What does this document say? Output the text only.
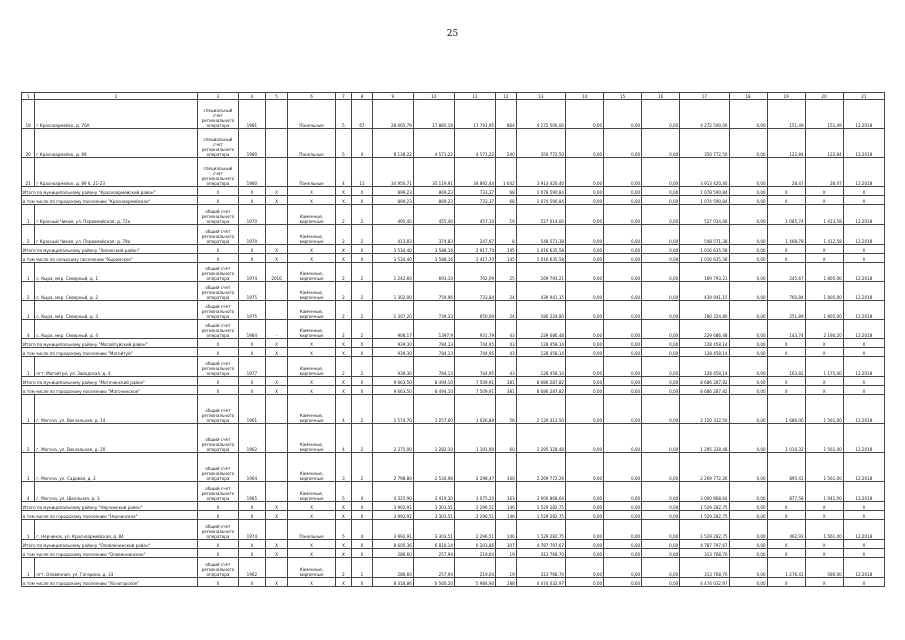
25
1	2	3	4	5	6	7	8	9	10	11	12	13	14	15	16	17	18	19	20	21
19	г Красноармейск, д. 70А	специальный счет регионального оператора	1981		Панельные	5	67	28 065,79	17 885,19	17 791,95	864	4 272 500,00	0,00	0,00	0,00	4 272 500,00	0,00	151,49	151,49	12.2018
20	г Красноармейск, д. 89	специальный счет регионального оператора	1980		Панельные	5	4	8 138,22	4 571,22	4 571,22	240	350 772,50	0,00	0,00	0,00	350 772,50	0,00	122,84	122,84	12.2018
21	г Красноармейск, д. 89 б, 21-23	специальный счет регионального оператора	1980		Панельные	4	11	34 950,71	35 119,91	34 892,44	1 642	3 913 420,40	0,00	0,00	0,00	3 913 420,40	0,00	28,47	28,47	12.2018
Итого по муниципальному району "Красноармейский район"		X	X	X	X	X	X	899,23	869,23	733,37	68	1 078 590,84	0,00	0,00	0,00	1 078 590,84	0,00	X	X	X
в том числе по городскому поселению "Красноармейское"		X	X	X	X	X	X	899,23	869,23	733,37	68	1 074 590,84	0,00	0,00	0,00	1 074 590,84	0,00	X	X	X
1	г Красный Чикой, ул. Первомайская, д. 72а	общий счет регионального оператора	1970		Каменные, кирпичные	2	2	495,40	455,40	457,10	19	527 014,00	0,00	0,00	0,00	527 014,00	0,00	1 085,74	1 413,58	12.2018
2	г Красный Чикой, ул. Первомайская, д. 79а	общий счет регионального оператора	1970		Каменные, кирпичные	2	2	413,83	374,83	247,97	8	548 571,38	0,00	0,00	0,00	548 571,38	0,00	1 468,78	1 412,58	12.2018
Итого по муниципальному району "Хилокский район"		X	X	X	X	X	X	3 534,40	3 588,16	2 917,70	145	1 016 635,58	0,00	0,00	0,00	1 016 635,58	0,00	X	X	X
в том числе по сельскому поселению "Кыринское"		X	X	X	X	X	X	3 534,40	3 588,16	2 417,70	145	1 016 635,58	0,00	0,00	0,00	1 016 635,58	0,00	X	X	X
1	с. Кыра, мкр. Северный, д. 1	общий счет регионального оператора	1974	2016	Каменные, кирпичные	2	2	1 242,60	691,10	702,09	25	169 793,21	0,00	0,00	0,00	169 793,21	0,00	245,67	1 805,00	12.2018
2	с. Кыра, мкр. Северный, д. 2	общий счет регионального оператора	1975		Каменные, кирпичные	2	2	1 302,00	759,96	733,84	24	439 941,15	0,00	0,00	0,00	439 941,15	0,00	760,84	1 805,00	12.2018
3	с. Кыра, мкр. Северный, д. 3	общий счет регионального оператора	1975		Каменные, кирпичные	2	2	1 307,20	739,33	650,09	24	180 224,80	0,00	0,00	0,00	180 224,80	0,00	251,89	1 805,00	12.2018
4	с. Кыра, мкр. Северный, д. 4	общий счет регионального оператора	1984	-	Каменные, кирпичные	2	2	908,17	1397,9	931,79	43	229 686,48	0,00	0,00	0,00	229 686,48	0,00	143,74	2 190,20	12.2018
Итого по муниципальному району "Могойтуйский район"		X	X	X	X	X	X	939,30	784,13	744,95	43	128 458,14	0,00	0,00	0,00	128 458,14	0,00	X	X	X
в том числе по городскому поселению "Могойтуй"		X	X	X	X	X	X	939,30	784,13	744,95	43	128 458,14	0,00	0,00	0,00	128 458,14	0,00	X	X	X
1	пгт. Могойтуй, ул. Заводская, д. 4	общий счет регионального оператора	1977		Каменные, кирпичные	2	2	939,30	784,13	744,95	43	128 458,14	0,00	0,00	0,00	128 458,14	0,00	163,82	1 175,00	12.2018
Итого по муниципальному району "Могочинский район"		X	X	X	X	X	X	9 663,50	8 494,10	7 509,91	381	8 686 287,82	0,00	0,00	0,00	8 686 287,82	0,00	X	X	X
в том числе по городскому поселению "Могочинское"		X	X	X	X	X	X	9 663,50	8 494,10	7 509,91	381	8 686 287,82	0,00	0,00	0,00	8 686 287,82	0,00	X	X	X
1	г. Могоча, ул. Вокзальная, д. 14	общий счет регионального оператора	1961		Каменные, кирпичные	4	2	1 574,70	1 257,60	1 026,89	58	2 120 312,50	0,00	0,00	0,00	2 120 312,50	0,00	1 686,00	1 561,00	12.2018
2	г. Могоча, ул. Вокзальная, д. 20	общий счет регионального оператора	1962		Каменные, кирпичные	4	2	2 375,00	1 282,10	1 191,90	60	1 295 328,48	0,00	0,00	0,00	1 295 328,48	0,00	1 010,32	1 561,00	12.2018
3	г. Могоча, ул. Садовая, д. 2	общий счет регионального оператора	1964		Каменные, кирпичные	3	2	2 798,80	2 534,96	2 298,47	100	2 269 772,26	0,00	0,00	0,00	2 269 772,26	0,00	895,41	1 561,00	12.2018
4	г. Могоча, ул. Школьная, д. 3	общий счет регионального оператора	1965		Каменные, кирпичные	5	4	4 325,90	3 419,30	3 075,20	163	3 000 868,64	0,00	0,00	0,00	3 000 868,64	0,00	877,58	1 941,00	12.2018
Итого по муниципальному району "Нерчинский район"		X	X	X	X	X	X	3 992,91	3 303,51	2 296,51	146	1 529 282,75	0,00	0,00	0,00	1 529 282,75	0,00	X	X	X
в том числе по городскому поселению "Нерчинское"		X	X	X	X	X	X	3 992,91	3 303,51	2 296,51	146	1 529 282,75	0,00	0,00	0,00	1 529 282,75	0,00	X	X	X
1	г. Нерчинск, ул. Красноармейская, д. 84	общий счет регионального оператора	1974		Панельные	5	4	3 992,91	3 303,51	2 296,51	146	1 529 282,75	0,00	0,00	0,00	1 529 282,75	0,00	462,93	1 561,00	12.2018
Итого по муниципальному району "Оловяннинский район"		X	X	X	X	X	X	8 605,36	6 818,14	6 203,86	307	4 787 797,67	0,00	0,00	0,00	4 787 797,67	0,00	X	X	X
в том числе по городскому поселению "Оловяннинское"		X	X	X	X	X	X	286,60	257,94	219,04	19	313 768,70	0,00	0,00	0,00	313 768,70	0,00	X	X	X
1	пгт. Оловянная, ул. Гагарина, д. 33	общий счет регионального оператора	1962		Каменные, кирпичные	2	1	286,60	257,94	219,04	19	313 768,70	0,00	0,00	0,00	313 768,70	0,00	1 276,41	586,00	12.2018
в том числе по городскому поселению "Ясногорское"		X	X	X	X	X	X	8 318,86	6 560,20	5 984,90	288	4 474 032,97	0,00	0,00	0,00	4 474 032,97	0,00	X	X	X
